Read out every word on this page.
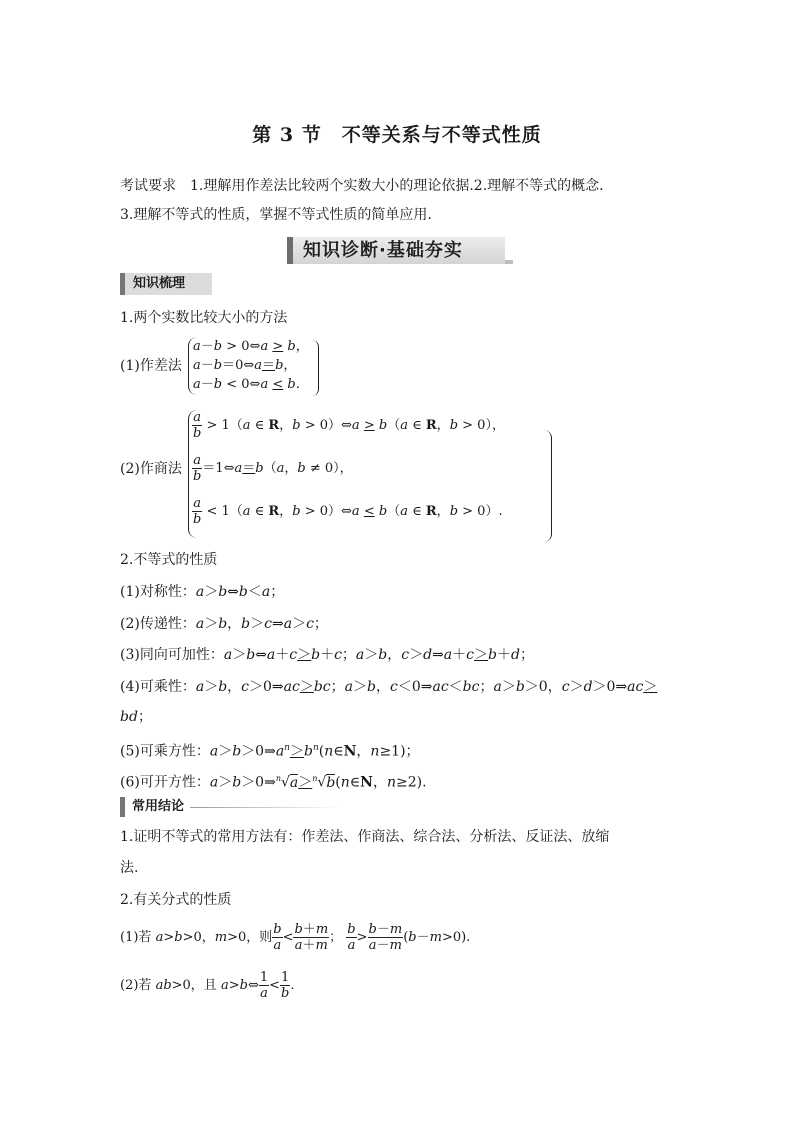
第 3 节　不等关系与不等式性质
考试要求　1.理解用作差法比较两个实数大小的理论依据.2.理解不等式的概念.
3.理解不等式的性质，掌握不等式性质的简单应用.
知识诊断·基础夯实
知识梳理
1.两个实数比较大小的方法
(1)作差法
a－b > 0⇔a > b，
a－b＝0⇔a＝b，
a－b < 0⇔a < b.
(2)作商法
$\frac{a}{b} > 1(a$ ∈ R，b > 0）⇔a > b（a ∈ R，b > 0），
$\frac{a}{b}$ ＝1⇔a＝b（a，b ≠ 0），
$\frac{a}{b} < 1(a$ ∈ R，b > 0）⇔a < b（a ∈ R，b > 0）.
2.不等式的性质
(1)对称性：a＞b⇔b＜a；
(2)传递性：a＞b，b＞c⇒a＞c；
(3)同向可加性：a＞b⇔a＋c＞b＋c；a＞b，c＞d⇒a＋c＞b＋d；
(4)可乘性：a＞b，c＞0⇒ac＞bc；a＞b，c＜0⇒ac＜bc；a＞b＞0，c＞d＞0⇒ac＞
bd；
(5)可乘方性：$a>b>0\Rightarrow a^n>b^n(n\in N$，n≥1)；
(6)可开方性：a＞b＞0⇒$^n$√a＞$^n$√b(n∈N，n≥2).
常用结论
1.证明不等式的常用方法有：作差法、作商法、综合法、分析法、反证法、放缩
法.
2.有关分式的性质
(1)若 a>b>0，m>0，则 $\frac{b}{a} < \frac{b+m}{a+m}$ ； $\frac{b}{a} > \frac{b-m}{a-m} (b-m>0)$.
(2)若 ab>0，且 a>b⇔ $\frac{1}{a} < \frac{1}{b}$ .
